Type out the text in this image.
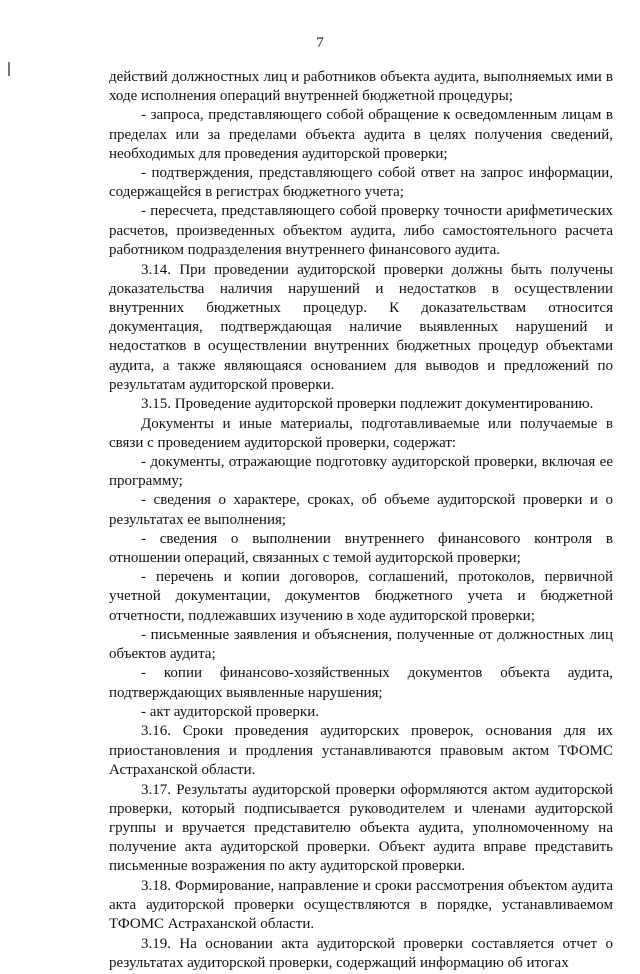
7

действий должностных лиц и работников объекта аудита, выполняемых ими в ходе исполнения операций внутренней бюджетной процедуры;

- запроса, представляющего собой обращение к осведомленным лицам в пределах или за пределами объекта аудита в целях получения сведений, необходимых для проведения аудиторской проверки;

- подтверждения, представляющего собой ответ на запрос информации, содержащейся в регистрах бюджетного учета;

- пересчета, представляющего собой проверку точности арифметических расчетов, произведенных объектом аудита, либо самостоятельного расчета работником подразделения внутреннего финансового аудита.

3.14. При проведении аудиторской проверки должны быть получены доказательства наличия нарушений и недостатков в осуществлении внутренних бюджетных процедур. К доказательствам относится документация, подтверждающая наличие выявленных нарушений и недостатков в осуществлении внутренних бюджетных процедур объектами аудита, а также являющаяся основанием для выводов и предложений по результатам аудиторской проверки.

3.15. Проведение аудиторской проверки подлежит документированию.

Документы и иные материалы, подготавливаемые или получаемые в связи с проведением аудиторской проверки, содержат:

- документы, отражающие подготовку аудиторской проверки, включая ее программу;

- сведения о характере, сроках, об объеме аудиторской проверки и о результатах ее выполнения;

- сведения о выполнении внутреннего финансового контроля в отношении операций, связанных с темой аудиторской проверки;

- перечень и копии договоров, соглашений, протоколов, первичной учетной документации, документов бюджетного учета и бюджетной отчетности, подлежавших изучению в ходе аудиторской проверки;

- письменные заявления и объяснения, полученные от должностных лиц объектов аудита;

- копии финансово-хозяйственных документов объекта аудита, подтверждающих выявленные нарушения;

- акт аудиторской проверки.

3.16. Сроки проведения аудиторских проверок, основания для их приостановления и продления устанавливаются правовым актом ТФОМС Астраханской области.

3.17. Результаты аудиторской проверки оформляются актом аудиторской проверки, который подписывается руководителем и членами аудиторской группы и вручается представителю объекта аудита, уполномоченному на получение акта аудиторской проверки. Объект аудита вправе представить письменные возражения по акту аудиторской проверки.

3.18. Формирование, направление и сроки рассмотрения объектом аудита акта аудиторской проверки осуществляются в порядке, устанавливаемом ТФОМС Астраханской области.

3.19. На основании акта аудиторской проверки составляется отчет о результатах аудиторской проверки, содержащий информацию об итогах
